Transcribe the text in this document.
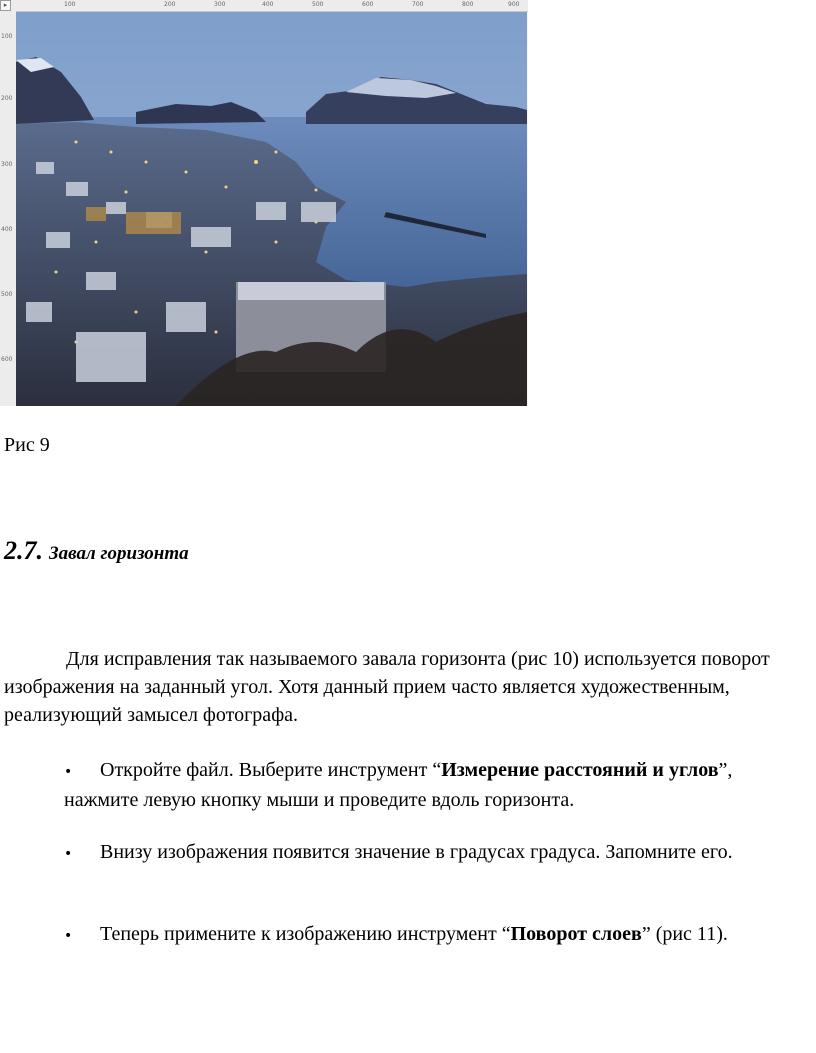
100	200	300	400	500	600	700	800	900
▸
100
200
300
400
500
600
Рис 9
2.7. Завал горизонта

Для исправления так называемого завала горизонта (рис 10) используется поворот изображения на заданный угол. Хотя данный прием часто является художественным, реализующий замысел фотографа.

• Откройте файл. Выберите инструмент “Измерение расстояний и углов”, нажмите левую кнопку мыши и проведите вдоль горизонта.

• Внизу изображения появится значение в градусах градуса. Запомните его.

• Теперь примените к изображению инструмент “Поворот слоев” (рис 11).
